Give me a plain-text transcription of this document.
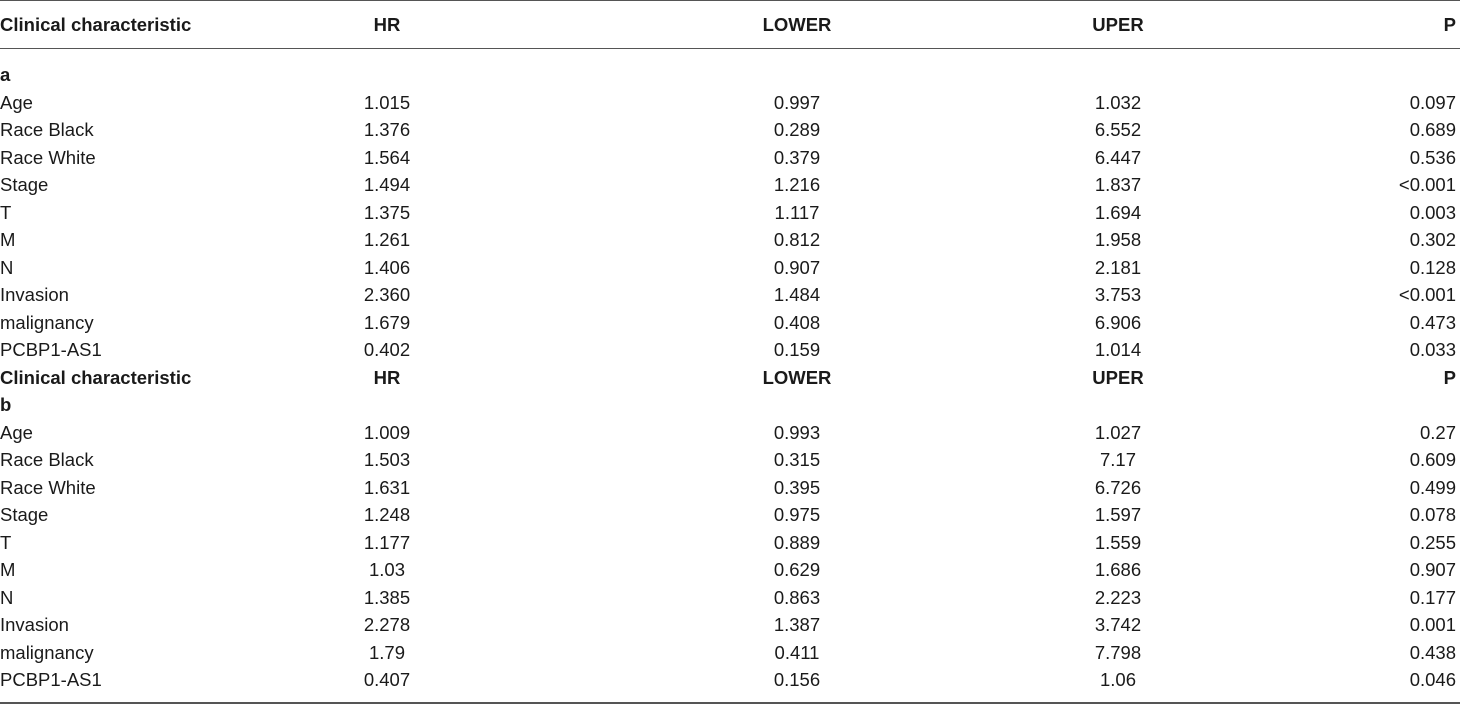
Clinical characteristic	HR	LOWER	UPER	P
a
Age	1.015	0.997	1.032	0.097
Race Black	1.376	0.289	6.552	0.689
Race White	1.564	0.379	6.447	0.536
Stage	1.494	1.216	1.837	<0.001
T	1.375	1.117	1.694	0.003
M	1.261	0.812	1.958	0.302
N	1.406	0.907	2.181	0.128
Invasion	2.360	1.484	3.753	<0.001
malignancy	1.679	0.408	6.906	0.473
PCBP1-AS1	0.402	0.159	1.014	0.033
Clinical characteristic	HR	LOWER	UPER	P
b
Age	1.009	0.993	1.027	0.27
Race Black	1.503	0.315	7.17	0.609
Race White	1.631	0.395	6.726	0.499
Stage	1.248	0.975	1.597	0.078
T	1.177	0.889	1.559	0.255
M	1.03	0.629	1.686	0.907
N	1.385	0.863	2.223	0.177
Invasion	2.278	1.387	3.742	0.001
malignancy	1.79	0.411	7.798	0.438
PCBP1-AS1	0.407	0.156	1.06	0.046
